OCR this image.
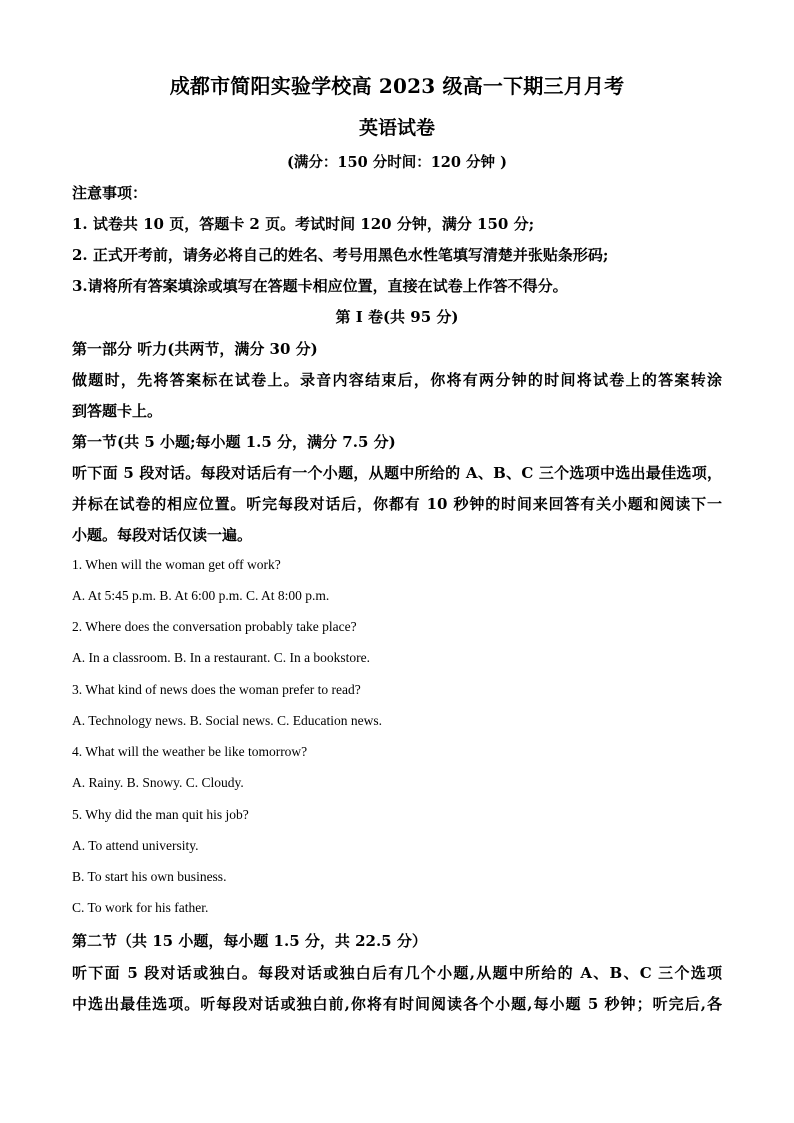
成都市简阳实验学校高 2023 级高一下期三月月考
英语试卷
(满分：150 分时间：120 分钟 )
注意事项：
1. 试卷共 10 页，答题卡 2 页。考试时间 120 分钟，满分 150 分;
2. 正式开考前，请务必将自己的姓名、考号用黑色水性笔填写清楚并张贴条形码;
3.请将所有答案填涂或填写在答题卡相应位置，直接在试卷上作答不得分。
第 I 卷(共 95 分)
第一部分 听力(共两节，满分 30 分)
做题时，先将答案标在试卷上。录音内容结束后，你将有两分钟的时间将试卷上的答案转涂
到答题卡上。
第一节(共 5 小题;每小题 1.5 分，满分 7.5 分)
听下面 5 段对话。每段对话后有一个小题，从题中所给的 A、B、C 三个选项中选出最佳选项，
并标在试卷的相应位置。听完每段对话后，你都有 10 秒钟的时间来回答有关小题和阅读下一
小题。每段对话仅读一遍。
1. When will the woman get off work?
A. At 5:45 p.m. B. At 6:00 p.m. C. At 8:00 p.m.
2. Where does the conversation probably take place?
A. In a classroom. B. In a restaurant. C. In a bookstore.
3. What kind of news does the woman prefer to read?
A. Technology news. B. Social news. C. Education news.
4. What will the weather be like tomorrow?
A. Rainy. B. Snowy. C. Cloudy.
5. Why did the man quit his job?
A. To attend university.
B. To start his own business.
C. To work for his father.
第二节（共 15 小题，每小题 1.5 分，共 22.5 分）
听下面 5 段对话或独白。每段对话或独白后有几个小题,从题中所给的 A、B、C 三个选项
中选出最佳选项。听每段对话或独白前,你将有时间阅读各个小题,每小题 5 秒钟；听完后,各
